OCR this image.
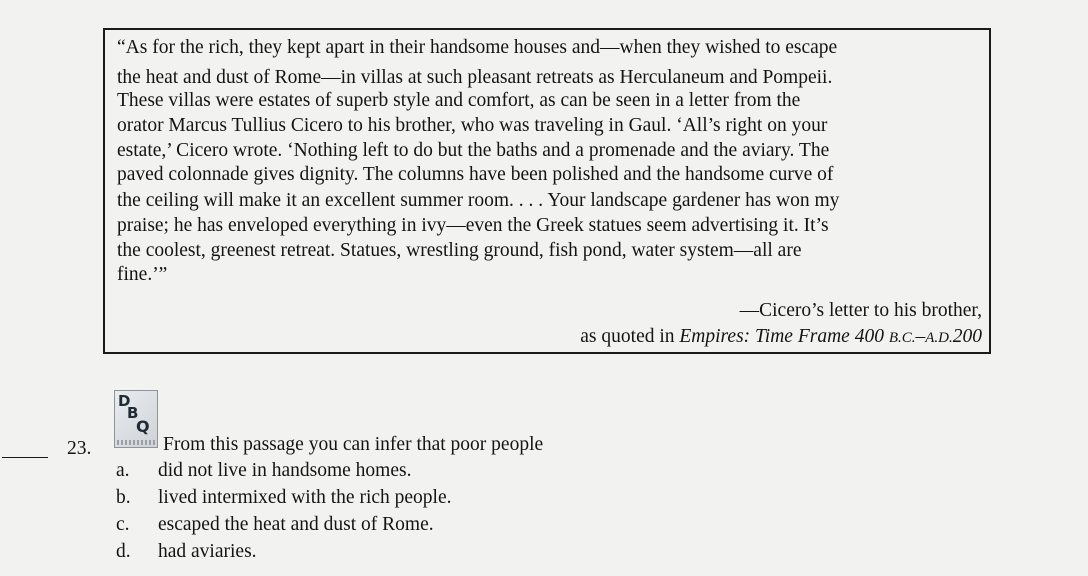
“As for the rich, they kept apart in their handsome houses and—when they wished to escape
the heat and dust of Rome—in villas at such pleasant retreats as Herculaneum and Pompeii.
These villas were estates of superb style and comfort, as can be seen in a letter from the
orator Marcus Tullius Cicero to his brother, who was traveling in Gaul. ‘All’s right on your
estate,’ Cicero wrote. ‘Nothing left to do but the baths and a promenade and the aviary. The
paved colonnade gives dignity. The columns have been polished and the handsome curve of
the ceiling will make it an excellent summer room. . . . Your landscape gardener has won my
praise; he has enveloped everything in ivy—even the Greek statues seem advertising it. It’s
the coolest, greenest retreat. Statues, wrestling ground, fish pond, water system—all are
fine.’”
—Cicero’s letter to his brother,
as quoted in Empires: Time Frame 400 B.C.–A.D.200
23.
D
B
Q
From this passage you can infer that poor people
a. did not live in handsome homes.
b. lived intermixed with the rich people.
c. escaped the heat and dust of Rome.
d. had aviaries.
